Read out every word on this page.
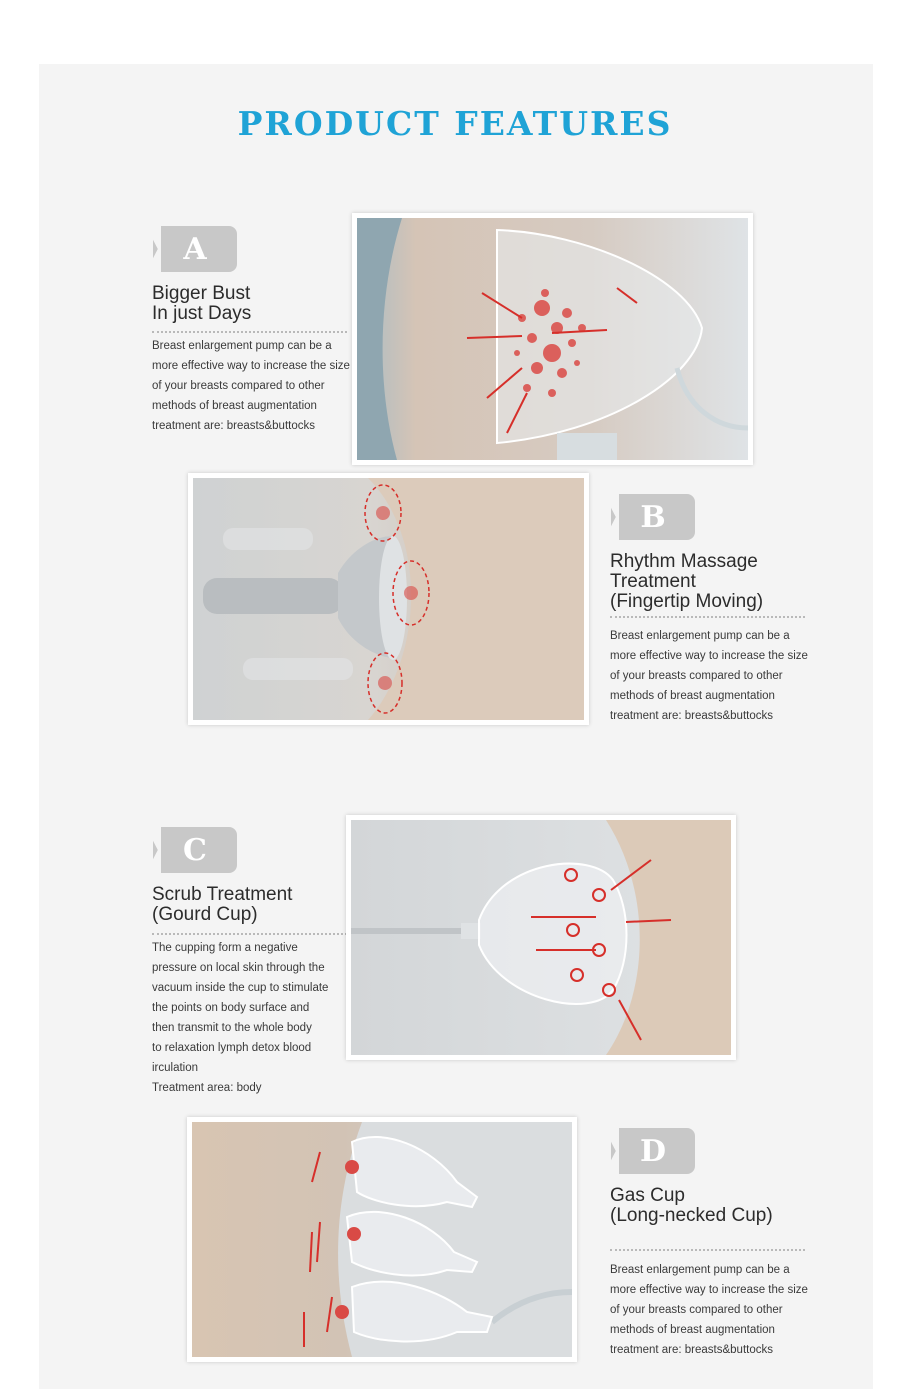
PRODUCT FEATURES
A
Bigger Bust
In just Days
Breast enlargement pump can be a
more effective way to increase the size
of your breasts compared to other
methods of breast augmentation
treatment are: breasts&buttocks
B
Rhythm Massage
Treatment
(Fingertip Moving)
Breast enlargement pump can be a
more effective way to increase the size
of your breasts compared to other
methods of breast augmentation
treatment are: breasts&buttocks
C
Scrub Treatment
(Gourd Cup)
The cupping form a negative
pressure on local skin through the
vacuum inside the cup to stimulate
the points on body surface and
then transmit to the whole body
to relaxation lymph detox blood
irculation
Treatment area: body
D
Gas Cup
(Long-necked Cup)
Breast enlargement pump can be a
more effective way to increase the size
of your breasts compared to other
methods of breast augmentation
treatment are: breasts&buttocks
